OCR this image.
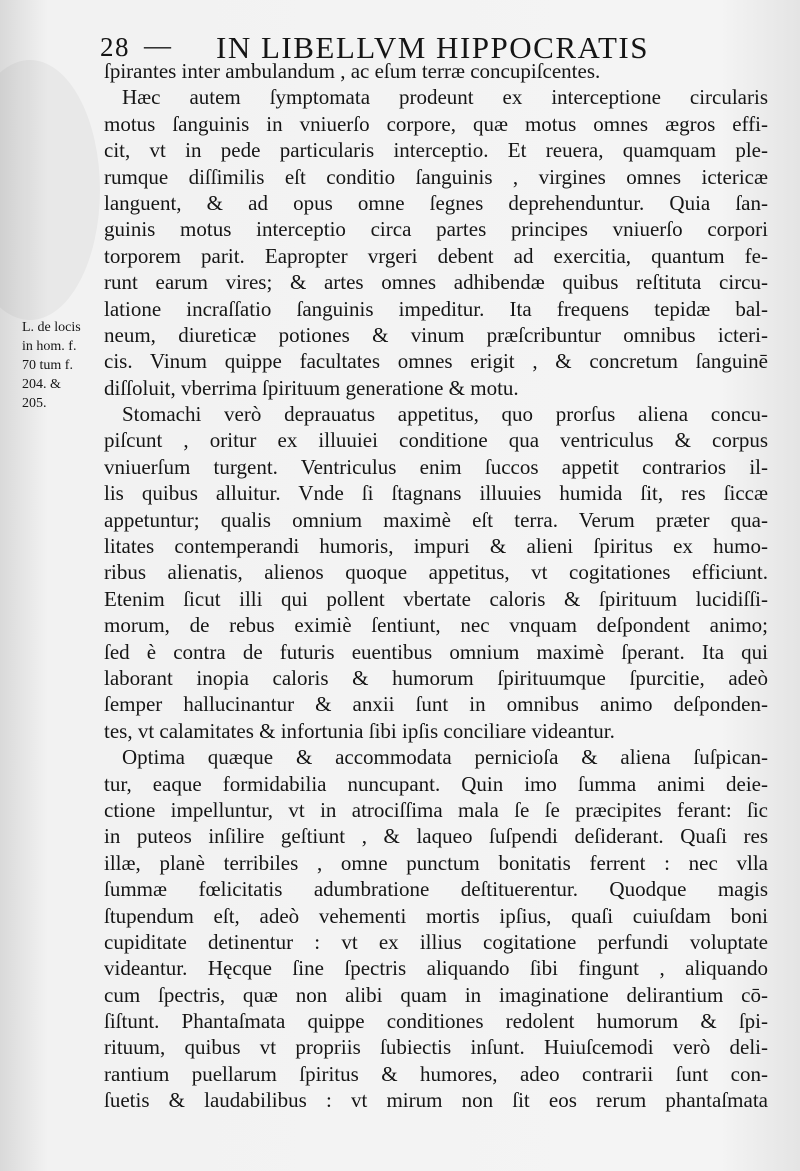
28 — IN LIBELLVM HIPPOCRATIS
L. de locis
in hom. f.
70 tum f.
204. &
205.
ſpirantes inter ambulandum , ac eſum terræ concupiſcentes.
Hæc autem ſymptomata prodeunt ex interceptione circularis
motus ſanguinis in vniuerſo corpore, quæ motus omnes ægros effi-
cit, vt in pede particularis interceptio. Et reuera, quamquam ple-
rumque diſſimilis eſt conditio ſanguinis , virgines omnes ictericæ
languent, & ad opus omne ſegnes deprehenduntur. Quia ſan-
guinis motus interceptio circa partes principes vniuerſo corpori
torporem parit. Eapropter vrgeri debent ad exercitia, quantum fe-
runt earum vires; & artes omnes adhibendæ quibus reſtituta circu-
latione incraſſatio ſanguinis impeditur. Ita frequens tepidæ bal-
neum, diureticæ potiones & vinum præſcribuntur omnibus icteri-
cis. Vinum quippe facultates omnes erigit , & concretum ſanguinē
diſſoluit, vberrima ſpirituum generatione & motu.
Stomachi verò deprauatus appetitus, quo prorſus aliena concu-
piſcunt , oritur ex illuuiei conditione qua ventriculus & corpus
vniuerſum turgent. Ventriculus enim ſuccos appetit contrarios il-
lis quibus alluitur. Vnde ſi ſtagnans illuuies humida ſit, res ſiccæ
appetuntur; qualis omnium maximè eſt terra. Verum præter qua-
litates contemperandi humoris, impuri & alieni ſpiritus ex humo-
ribus alienatis, alienos quoque appetitus, vt cogitationes efficiunt.
Etenim ſicut illi qui pollent vbertate caloris & ſpirituum lucidiſſi-
morum, de rebus eximiè ſentiunt, nec vnquam deſpondent animo;
ſed è contra de futuris euentibus omnium maximè ſperant. Ita qui
laborant inopia caloris & humorum ſpirituumque ſpurcitie, adeò
ſemper hallucinantur & anxii ſunt in omnibus animo deſponden-
tes, vt calamitates & infortunia ſibi ipſis conciliare videantur.
Optima quæque & accommodata pernicioſa & aliena ſuſpican-
tur, eaque formidabilia nuncupant. Quin imo ſumma animi deie-
ctione impelluntur, vt in atrociſſima mala ſe ſe præcipites ferant: ſic
in puteos inſilire geſtiunt , & laqueo ſuſpendi deſiderant. Quaſi res
illæ, planè terribiles , omne punctum bonitatis ferrent : nec vlla
ſummæ fœlicitatis adumbratione deſtituerentur. Quodque magis
ſtupendum eſt, adeò vehementi mortis ipſius, quaſi cuiuſdam boni
cupiditate detinentur : vt ex illius cogitatione perfundi voluptate
videantur. Hęcque ſine ſpectris aliquando ſibi fingunt , aliquando
cum ſpectris, quæ non alibi quam in imaginatione delirantium cō-
ſiſtunt. Phantaſmata quippe conditiones redolent humorum & ſpi-
rituum, quibus vt propriis ſubiectis inſunt. Huiuſcemodi verò deli-
rantium puellarum ſpiritus & humores, adeo contrarii ſunt con-
ſuetis & laudabilibus : vt mirum non ſit eos rerum phantaſmata
